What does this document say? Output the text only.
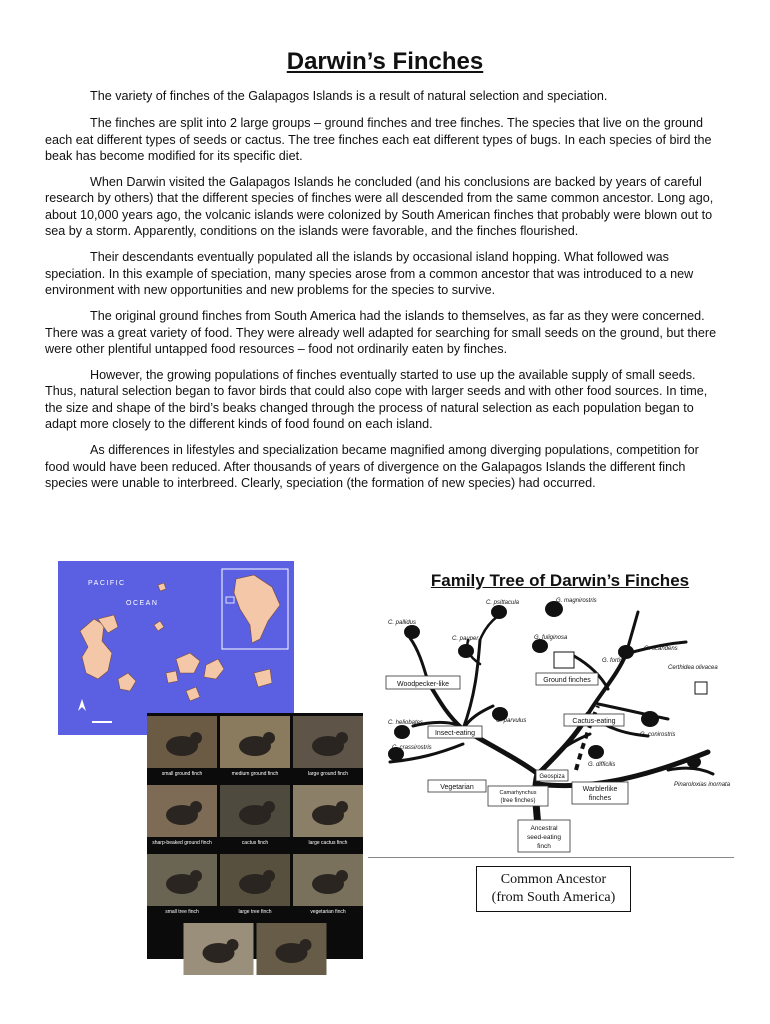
Darwin’s Finches

The variety of finches of the Galapagos Islands is a result of natural selection and speciation.

The finches are split into 2 large groups – ground finches and tree finches. The species that live on the ground each eat different types of seeds or cactus. The tree finches each eat different types of bugs. In each species of bird the beak has become modified for its specific diet.

When Darwin visited the Galapagos Islands he concluded (and his conclusions are backed by years of careful research by others) that the different species of finches were all descended from the same common ancestor. Long ago, about 10,000 years ago, the volcanic islands were colonized by South American finches that probably were blown out to sea by a storm. Apparently, conditions on the islands were favorable, and the finches flourished.

Their descendants eventually populated all the islands by occasional island hopping. What followed was speciation. In this example of speciation, many species arose from a common ancestor that was introduced to a new environment with new opportunities and new problems for the species to survive.

The original ground finches from South America had the islands to themselves, as far as they were concerned. There was a great variety of food. They were already well adapted for searching for small seeds on the ground, but there were other plentiful untapped food resources – food not ordinarily eaten by finches.

However, the growing populations of finches eventually started to use up the available supply of small seeds. Thus, natural selection began to favor birds that could also cope with larger seeds and with other food sources. In time, the size and shape of the bird’s beaks changed through the process of natural selection as each population began to adapt more closely to the different kinds of food found on each island.

As differences in lifestyles and specialization became magnified among diverging populations, competition for food would have been reduced. After thousands of years of divergence on the Galapagos Islands the different finch species were unable to interbreed. Clearly, speciation (the formation of new species) had occurred.

PACIFIC
OCEAN
small ground finch	medium ground finch	large ground finch
sharp-beaked ground finch	cactus finch	large cactus finch
small tree finch	large tree finch	vegetarian finch
woodpecker finch	warbler finch
Family Tree of Darwin’s Finches
C. pallidus
C. psittacula	G. magnirostris
C. pauper	G. fuliginosa
G. scandens
G. fortis
Certhidea olivacea
C. heliobates	C. parvulus
G. conirostris
C. crassirostris
G. difficilis
Pinaroloxias inornata
Woodpecker-like
Ground finches
Insect-eating
Cactus-eating
Geospiza
Vegetarian
Camarhynchus
(tree finches)
Warblerlike
finches
Ancestral
seed-eating
finch
Common Ancestor
(from South America)
